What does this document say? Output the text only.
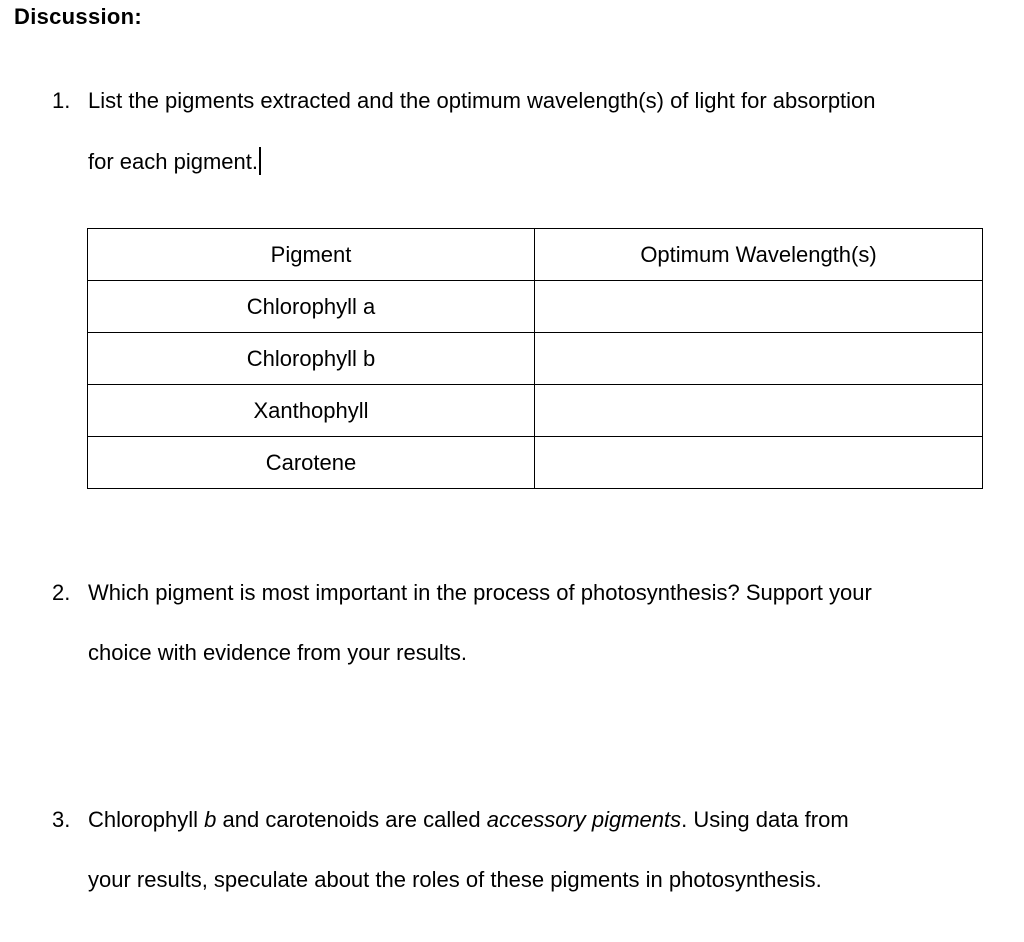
Discussion:
1. List the pigments extracted and the optimum wavelength(s) of light for absorption
for each pigment.
Pigment	Optimum Wavelength(s)
Chlorophyll a	
Chlorophyll b	
Xanthophyll	
Carotene	
2. Which pigment is most important in the process of photosynthesis? Support your
choice with evidence from your results.
3. Chlorophyll b and carotenoids are called accessory pigments. Using data from
your results, speculate about the roles of these pigments in photosynthesis.
